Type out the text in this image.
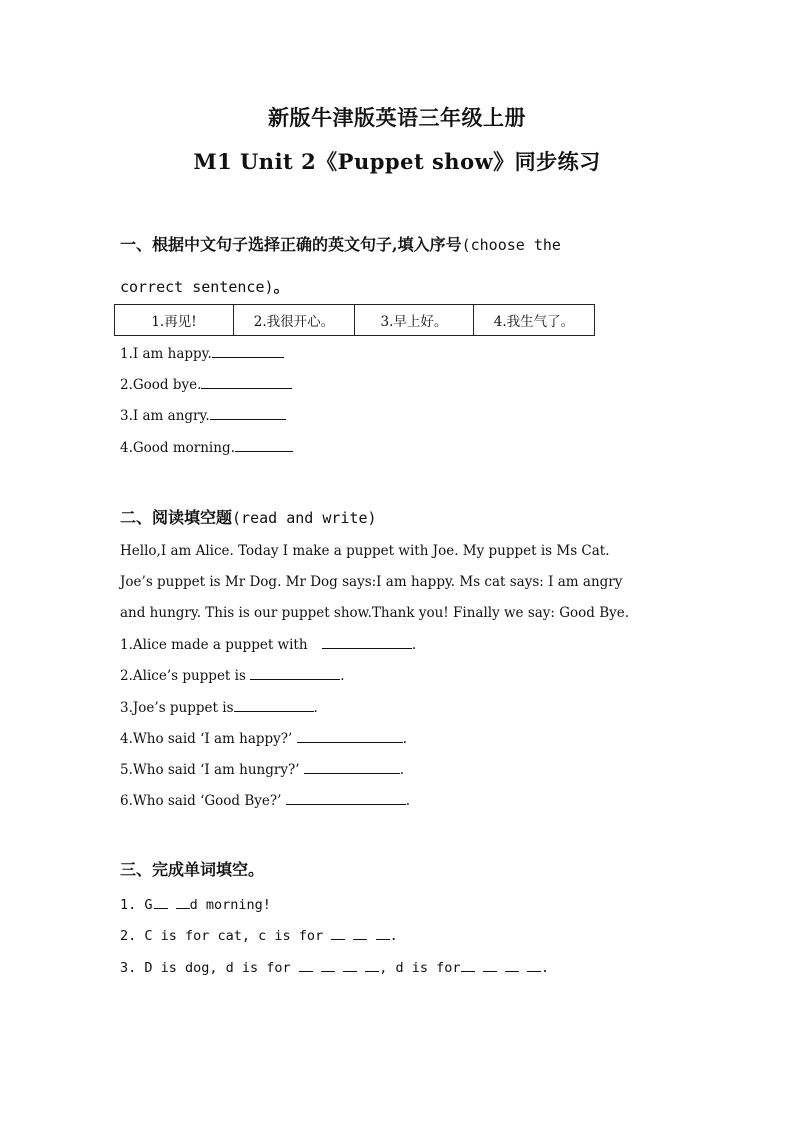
新版牛津版英语三年级上册
M1 Unit 2《Puppet show》同步练习
一、根据中文句子选择正确的英文句子,填入序号(choose the
correct sentence)。
1.再见!	2.我很开心。	3.早上好。	4.我生气了。
1.I am happy.
2.Good bye.
3.I am angry.
4.Good morning.
二、阅读填空题(read and write)
Hello,I am Alice. Today I make a puppet with Joe. My puppet is Ms Cat.
Joe’s puppet is Mr Dog. Mr Dog says:I am happy. Ms cat says: I am angry
and hungry. This is our puppet show.Thank you! Finally we say: Good Bye.
1.Alice made a puppet with	.
2.Alice’s puppet is	.
3.Joe’s puppet is	.
4.Who said ‘I am happy?’	.
5.Who said ‘I am hungry?’	.
6.Who said ‘Good Bye?’	.
三、完成单词填空。
1. G	d morning!
2. C is for cat, c is for	.
3. D is dog, d is for	, d is for	.
